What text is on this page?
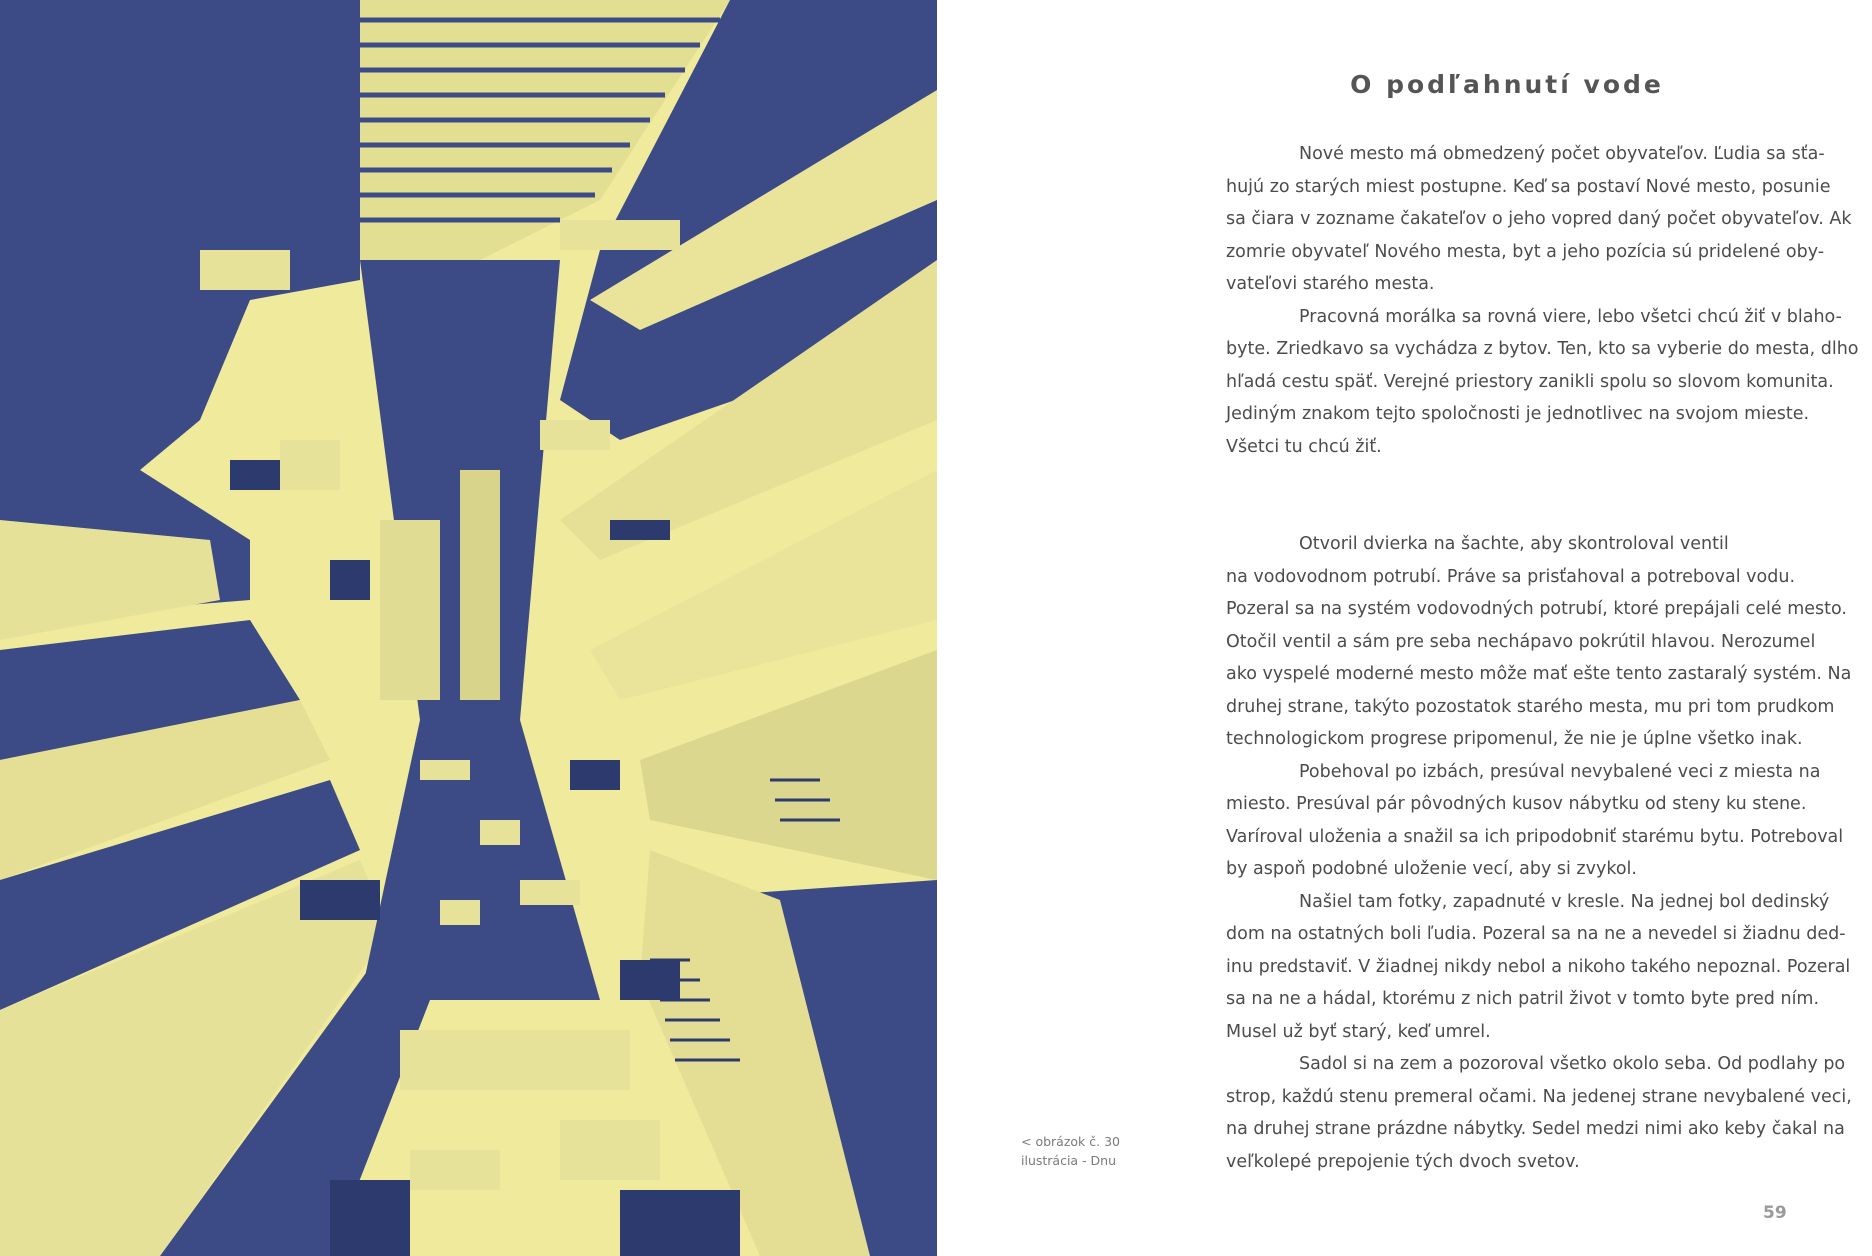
O podľahnutí vode
Nové mesto má obmedzený počet obyvateľov. Ľudia sa sťa-
hujú zo starých miest postupne. Keď sa postaví Nové mesto, posunie
sa čiara v zozname čakateľov o jeho vopred daný počet obyvateľov. Ak
zomrie obyvateľ Nového mesta, byt a jeho pozícia sú pridelené oby-
vateľovi starého mesta.
Pracovná morálka sa rovná viere, lebo všetci chcú žiť v blaho-
byte. Zriedkavo sa vychádza z bytov. Ten, kto sa vyberie do mesta, dlho
hľadá cestu späť. Verejné priestory zanikli spolu so slovom komunita.
Jediným znakom tejto spoločnosti je jednotlivec na svojom mieste.
Všetci tu chcú žiť.
Otvoril dvierka na šachte, aby skontroloval ventil
na vodovodnom potrubí. Práve sa prisťahoval a potreboval vodu.
Pozeral sa na systém vodovodných potrubí, ktoré prepájali celé mesto.
Otočil ventil a sám pre seba nechápavo pokrútil hlavou. Nerozumel
ako vyspelé moderné mesto môže mať ešte tento zastaralý systém. Na
druhej strane, takýto pozostatok starého mesta, mu pri tom prudkom
technologickom progrese pripomenul, že nie je úplne všetko inak.
Pobehoval po izbách, presúval nevybalené veci z miesta na
miesto. Presúval pár pôvodných kusov nábytku od steny ku stene.
Varíroval uloženia a snažil sa ich pripodobniť starému bytu. Potreboval
by aspoň podobné uloženie vecí, aby si zvykol.
Našiel tam fotky, zapadnuté v kresle. Na jednej bol dedinský
dom na ostatných boli ľudia. Pozeral sa na ne a nevedel si žiadnu ded-
inu predstaviť. V žiadnej nikdy nebol a nikoho takého nepoznal. Pozeral
sa na ne a hádal, ktorému z nich patril život v tomto byte pred ním.
Musel už byť starý, keď umrel.
Sadol si na zem a pozoroval všetko okolo seba. Od podlahy po
strop, každú stenu premeral očami. Na jedenej strane nevybalené veci,
na druhej strane prázdne nábytky. Sedel medzi nimi ako keby čakal na
veľkolepé prepojenie tých dvoch svetov.
< obrázok č. 30
ilustrácia - Dnu
59
